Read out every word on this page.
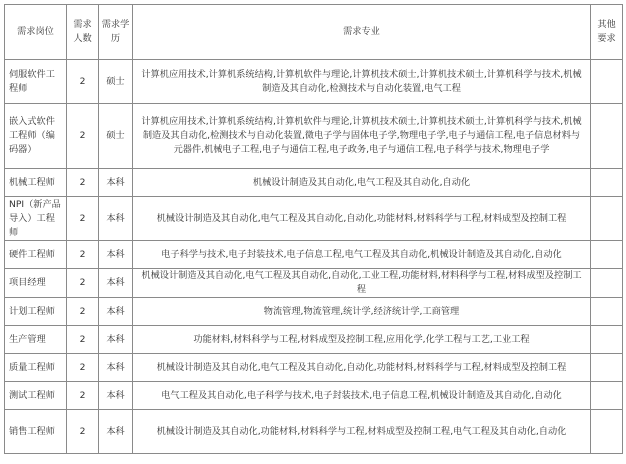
需求岗位	需求人数	需求学历	需求专业	其他要求
伺服软件工程师	2	硕士	计算机应用技术,计算机系统结构,计算机软件与理论,计算机技术硕士,计算机技术硕士,计算机科学与技术,机械制造及其自动化,检测技术与自动化装置,电气工程	
嵌入式软件工程师（编码器）	2	硕士	计算机应用技术,计算机系统结构,计算机软件与理论,计算机技术硕士,计算机技术硕士,计算机科学与技术,机械制造及其自动化,检测技术与自动化装置,微电子学与固体电子学,物理电子学,电子与通信工程,电子信息材料与元器件,机械电子工程,电子与通信工程,电子政务,电子与通信工程,电子科学与技术,物理电子学	
机械工程师	2	本科	机械设计制造及其自动化,电气工程及其自动化,自动化	
NPI（新产品导入）工程师	2	本科	机械设计制造及其自动化,电气工程及其自动化,自动化,功能材料,材料科学与工程,材料成型及控制工程	
硬件工程师	2	本科	电子科学与技术,电子封装技术,电子信息工程,电气工程及其自动化,机械设计制造及其自动化,自动化	
项目经理	2	本科	机械设计制造及其自动化,电气工程及其自动化,自动化,工业工程,功能材料,材料科学与工程,材料成型及控制工程	
计划工程师	2	本科	物流管理,物流管理,统计学,经济统计学,工商管理	
生产管理	2	本科	功能材料,材料科学与工程,材料成型及控制工程,应用化学,化学工程与工艺,工业工程	
质量工程师	2	本科	机械设计制造及其自动化,电气工程及其自动化,自动化,功能材料,材料科学与工程,材料成型及控制工程	
测试工程师	2	本科	电气工程及其自动化,电子科学与技术,电子封装技术,电子信息工程,机械设计制造及其自动化,自动化	
销售工程师	2	本科	机械设计制造及其自动化,功能材料,材料科学与工程,材料成型及控制工程,电气工程及其自动化,自动化	
